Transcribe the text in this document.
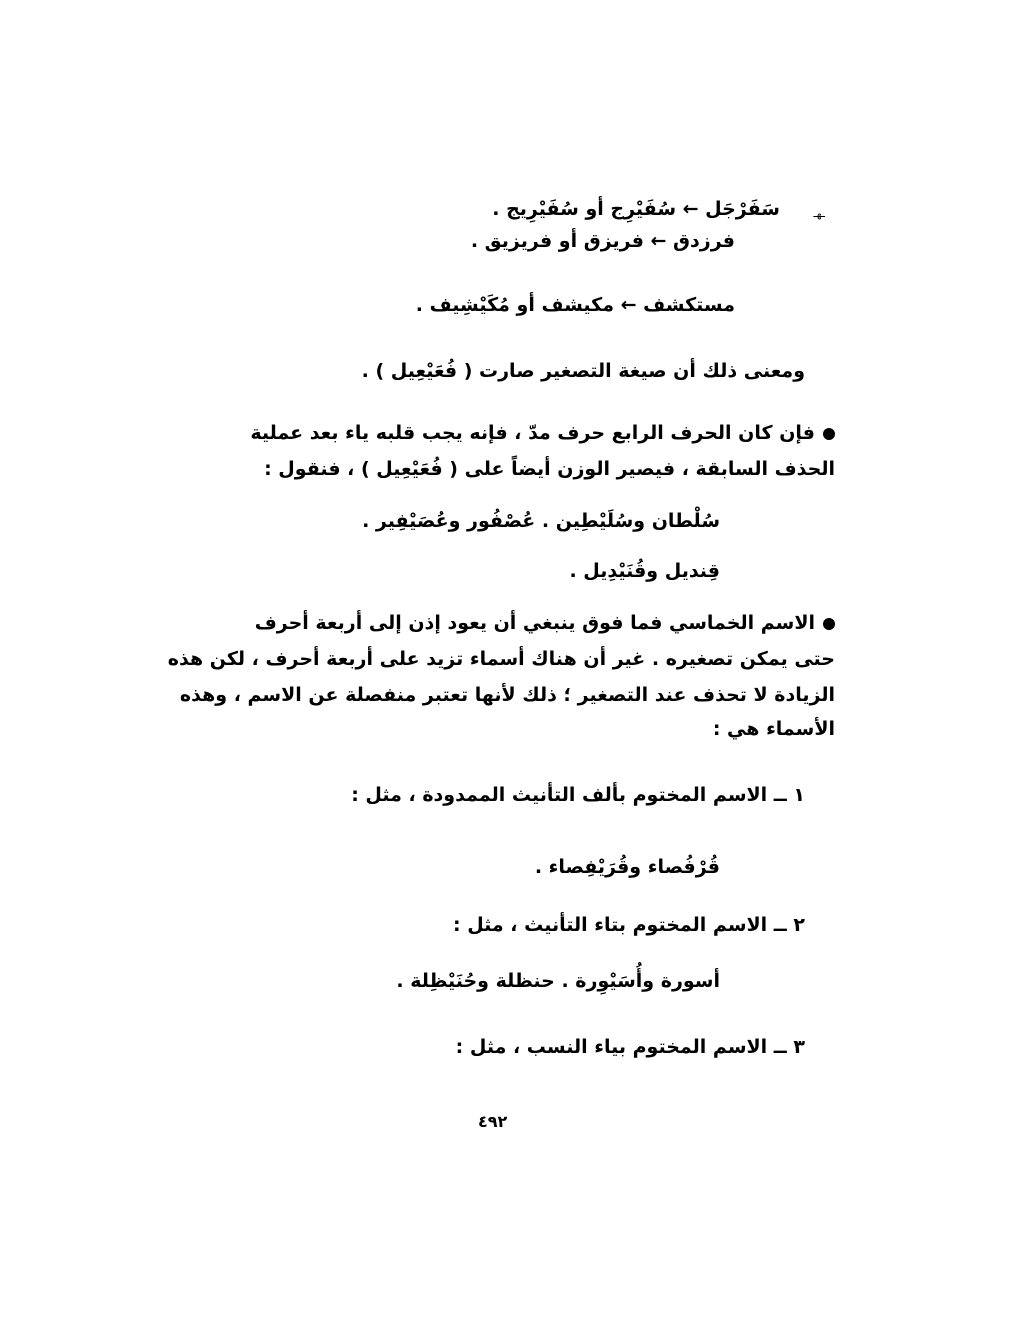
ـهـ
سَفَرْجَل ← سُفَيْرِج أو سُفَيْرِيج .
فرزدق ← فريزق أو فريزيق .
مستكشف ← مكيشف أو مُكَيْشِيف .
ومعنى ذلك أن صيغة التصغير صارت ( فُعَيْعِيل ) .
فإن كان الحرف الرابع حرف مدّ ، فإنه يجب قلبه ياء بعد عملية
الحذف السابقة ، فيصير الوزن أيضاً على ( فُعَيْعِيل ) ، فنقول :
سُلْطان وسُلَيْطِين . عُصْفُور وعُصَيْفِير .
قِنديل وقُنَيْدِيل .
الاسم الخماسي فما فوق ينبغي أن يعود إذن إلى أربعة أحرف
حتى يمكن تصغيره . غير أن هناك أسماء تزيد على أربعة أحرف ، لكن هذه
الزيادة لا تحذف عند التصغير ؛ ذلك لأنها تعتبر منفصلة عن الاسم ، وهذه
الأسماء هي :
١ ــ الاسم المختوم بألف التأنيث الممدودة ، مثل :
قُرْفُصاء وقُرَيْفِصاء .
٢ ــ الاسم المختوم بتاء التأنيث ، مثل :
أسورة وأُسَيْوِرة . حنظلة وحُنَيْظِلة .
٣ ــ الاسم المختوم بياء النسب ، مثل :
٤٩٢
